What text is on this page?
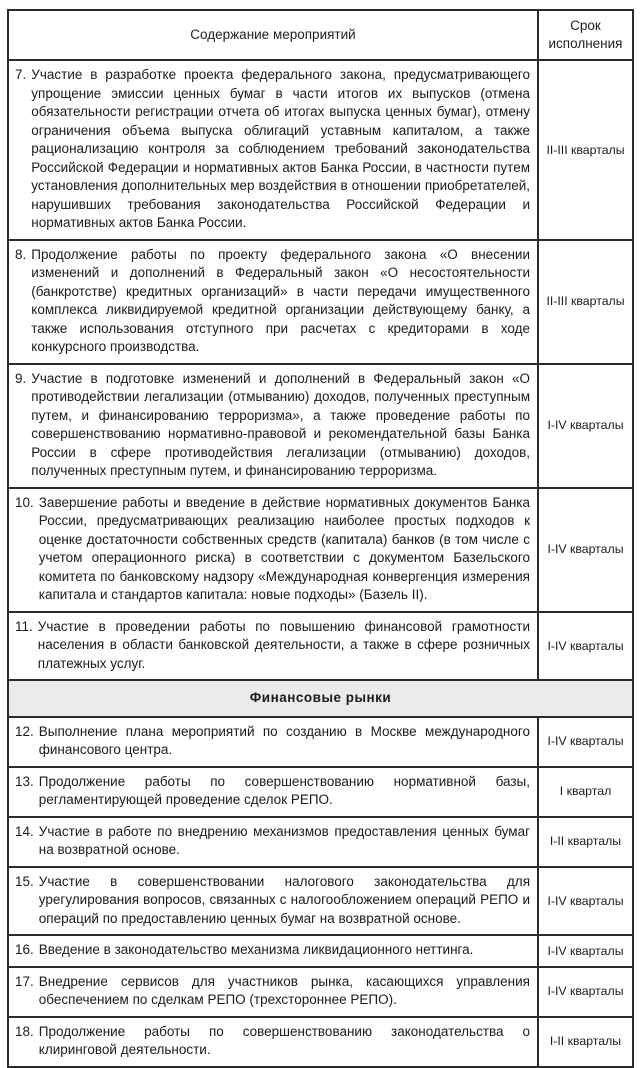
Содержание мероприятий	Срок исполнения

7. Участие в разработке проекта федерального закона, предусматривающего упрощение эмиссии ценных бумаг в части итогов их выпусков (отмена обязательности регистрации отчета об итогах выпуска ценных бумаг), отмену ограничения объема выпуска облигаций уставным капиталом, а также рационализацию контроля за соблюдением требований законодательства Российской Федерации и нормативных актов Банка России, в частности путем установления дополнительных мер воздействия в отношении приобретателей, нарушивших требования законодательства Российской Федерации и нормативных актов Банка России.	II-III кварталы

8. Продолжение работы по проекту федерального закона «О внесении изменений и дополнений в Федеральный закон «О несостоятельности (банкротстве) кредитных организаций» в части передачи имущественного комплекса ликвидируемой кредитной организации действующему банку, а также использования отступного при расчетах с кредиторами в ходе конкурсного производства.	II-III кварталы

9. Участие в подготовке изменений и дополнений в Федеральный закон «О противодействии легализации (отмыванию) доходов, полученных преступным путем, и финансированию терроризма», а также проведение работы по совершенствованию нормативно-правовой и рекомендательной базы Банка России в сфере противодействия легализации (отмыванию) доходов, полученных преступным путем, и финансированию терроризма.	I-IV кварталы

10. Завершение работы и введение в действие нормативных документов Банка России, предусматривающих реализацию наиболее простых подходов к оценке достаточности собственных средств (капитала) банков (в том числе с учетом операционного риска) в соответствии с документом Базельского комитета по банковскому надзору «Международная конвергенция измерения капитала и стандартов капитала: новые подходы» (Базель II).	I-IV кварталы

11. Участие в проведении работы по повышению финансовой грамотности населения в области банковской деятельности, а также в сфере розничных платежных услуг.	I-IV кварталы
Финансовые рынки	

12. Выполнение плана мероприятий по созданию в Москве международного финансового центра.	I-IV кварталы

13. Продолжение работы по совершенствованию нормативной базы, регламентирующей проведение сделок РЕПО.	I квартал

14. Участие в работе по внедрению механизмов предоставления ценных бумаг на возвратной основе.	I-II кварталы

15. Участие в совершенствовании налогового законодательства для урегулирования вопросов, связанных с налогообложением операций РЕПО и операций по предоставлению ценных бумаг на возвратной основе.	I-IV кварталы

16. Введение в законодательство механизма ликвидационного неттинга.	I-IV кварталы

17. Внедрение сервисов для участников рынка, касающихся управления обеспечением по сделкам РЕПО (трехстороннее РЕПО).	I-IV кварталы

18. Продолжение работы по совершенствованию законодательства о клиринговой деятельности.	I-II кварталы
